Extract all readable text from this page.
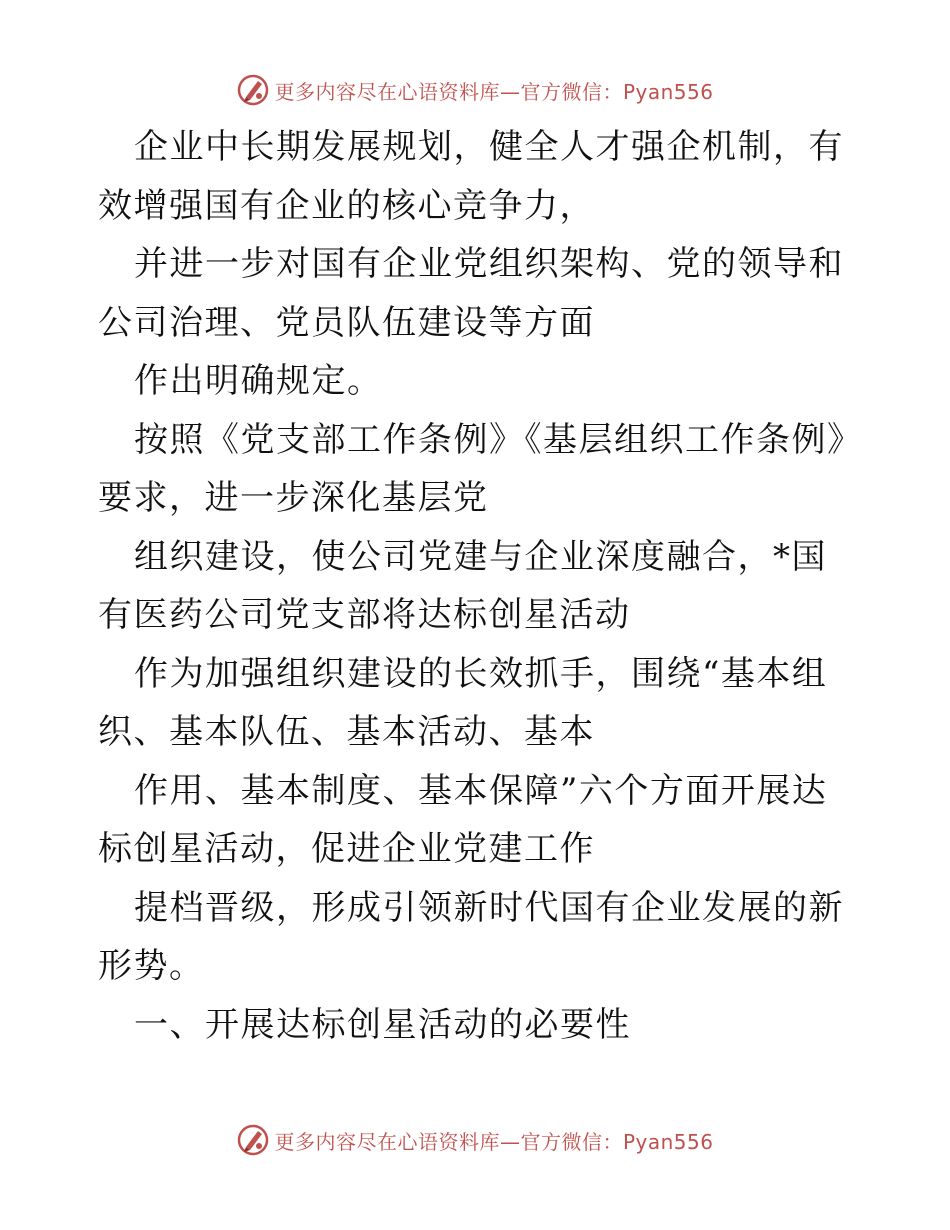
更多内容尽在心语资料库—官方微信：Pyan556

企业中长期发展规划，健全人才强企机制，有效增强国有企业的核心竞争力，

并进一步对国有企业党组织架构、党的领导和公司治理、党员队伍建设等方面

作出明确规定。

按照《党支部工作条例》《基层组织工作条例》要求，进一步深化基层党

组织建设，使公司党建与企业深度融合，*国有医药公司党支部将达标创星活动

作为加强组织建设的长效抓手，围绕“基本组织、基本队伍、基本活动、基本

作用、基本制度、基本保障”六个方面开展达标创星活动，促进企业党建工作

提档晋级，形成引领新时代国有企业发展的新形势。

一、开展达标创星活动的必要性

更多内容尽在心语资料库—官方微信：Pyan556
